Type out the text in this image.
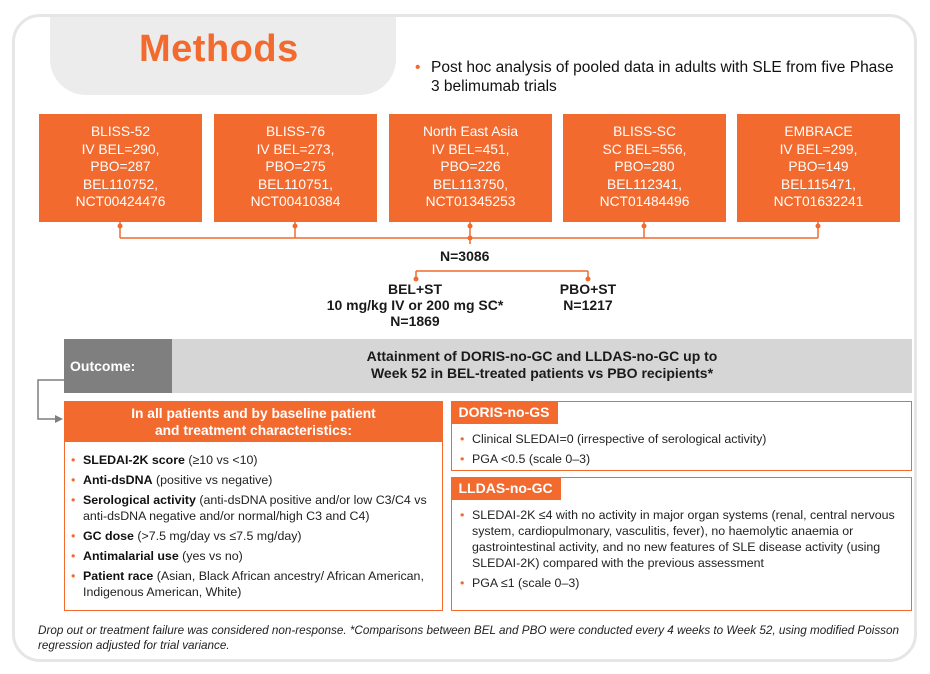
Methods	• Post hoc analysis of pooled data in adults with SLE from five Phase 3 belimumab trials
BLISS-52
IV BEL=290,
PBO=287
BEL110752,
NCT00424476
BLISS-76
IV BEL=273,
PBO=275
BEL110751,
NCT00410384
North East Asia
IV BEL=451,
PBO=226
BEL113750,
NCT01345253
BLISS-SC
SC BEL=556,
PBO=280
BEL112341,
NCT01484496
EMBRACE
IV BEL=299,
PBO=149
BEL115471,
NCT01632241
N=3086
BEL+ST
10 mg/kg IV or 200 mg SC*
N=1869
PBO+ST
N=1217
Outcome:
Attainment of DORIS-no-GC and LLDAS-no-GC up to
Week 52 in BEL-treated patients vs PBO recipients*
In all patients and by baseline patient
and treatment characteristics:
• SLEDAI-2K score (≥10 vs <10)
• Anti-dsDNA (positive vs negative)
• Serological activity (anti-dsDNA positive and/or low C3/C4 vs anti-dsDNA negative and/or normal/high C3 and C4)
• GC dose (>7.5 mg/day vs ≤7.5 mg/day)
• Antimalarial use (yes vs no)
• Patient race (Asian, Black African ancestry/ African American, Indigenous American, White)
DORIS-no-GS
• Clinical SLEDAI=0 (irrespective of serological activity)
• PGA <0.5 (scale 0–3)
LLDAS-no-GC
• SLEDAI-2K ≤4 with no activity in major organ systems (renal, central nervous system, cardiopulmonary, vasculitis, fever), no haemolytic anaemia or gastrointestinal activity, and no new features of SLE disease activity (using SLEDAI-2K) compared with the previous assessment
• PGA ≤1 (scale 0–3)
Drop out or treatment failure was considered non-response. *Comparisons between BEL and PBO were conducted every 4 weeks to Week 52, using modified Poisson regression adjusted for trial variance.
